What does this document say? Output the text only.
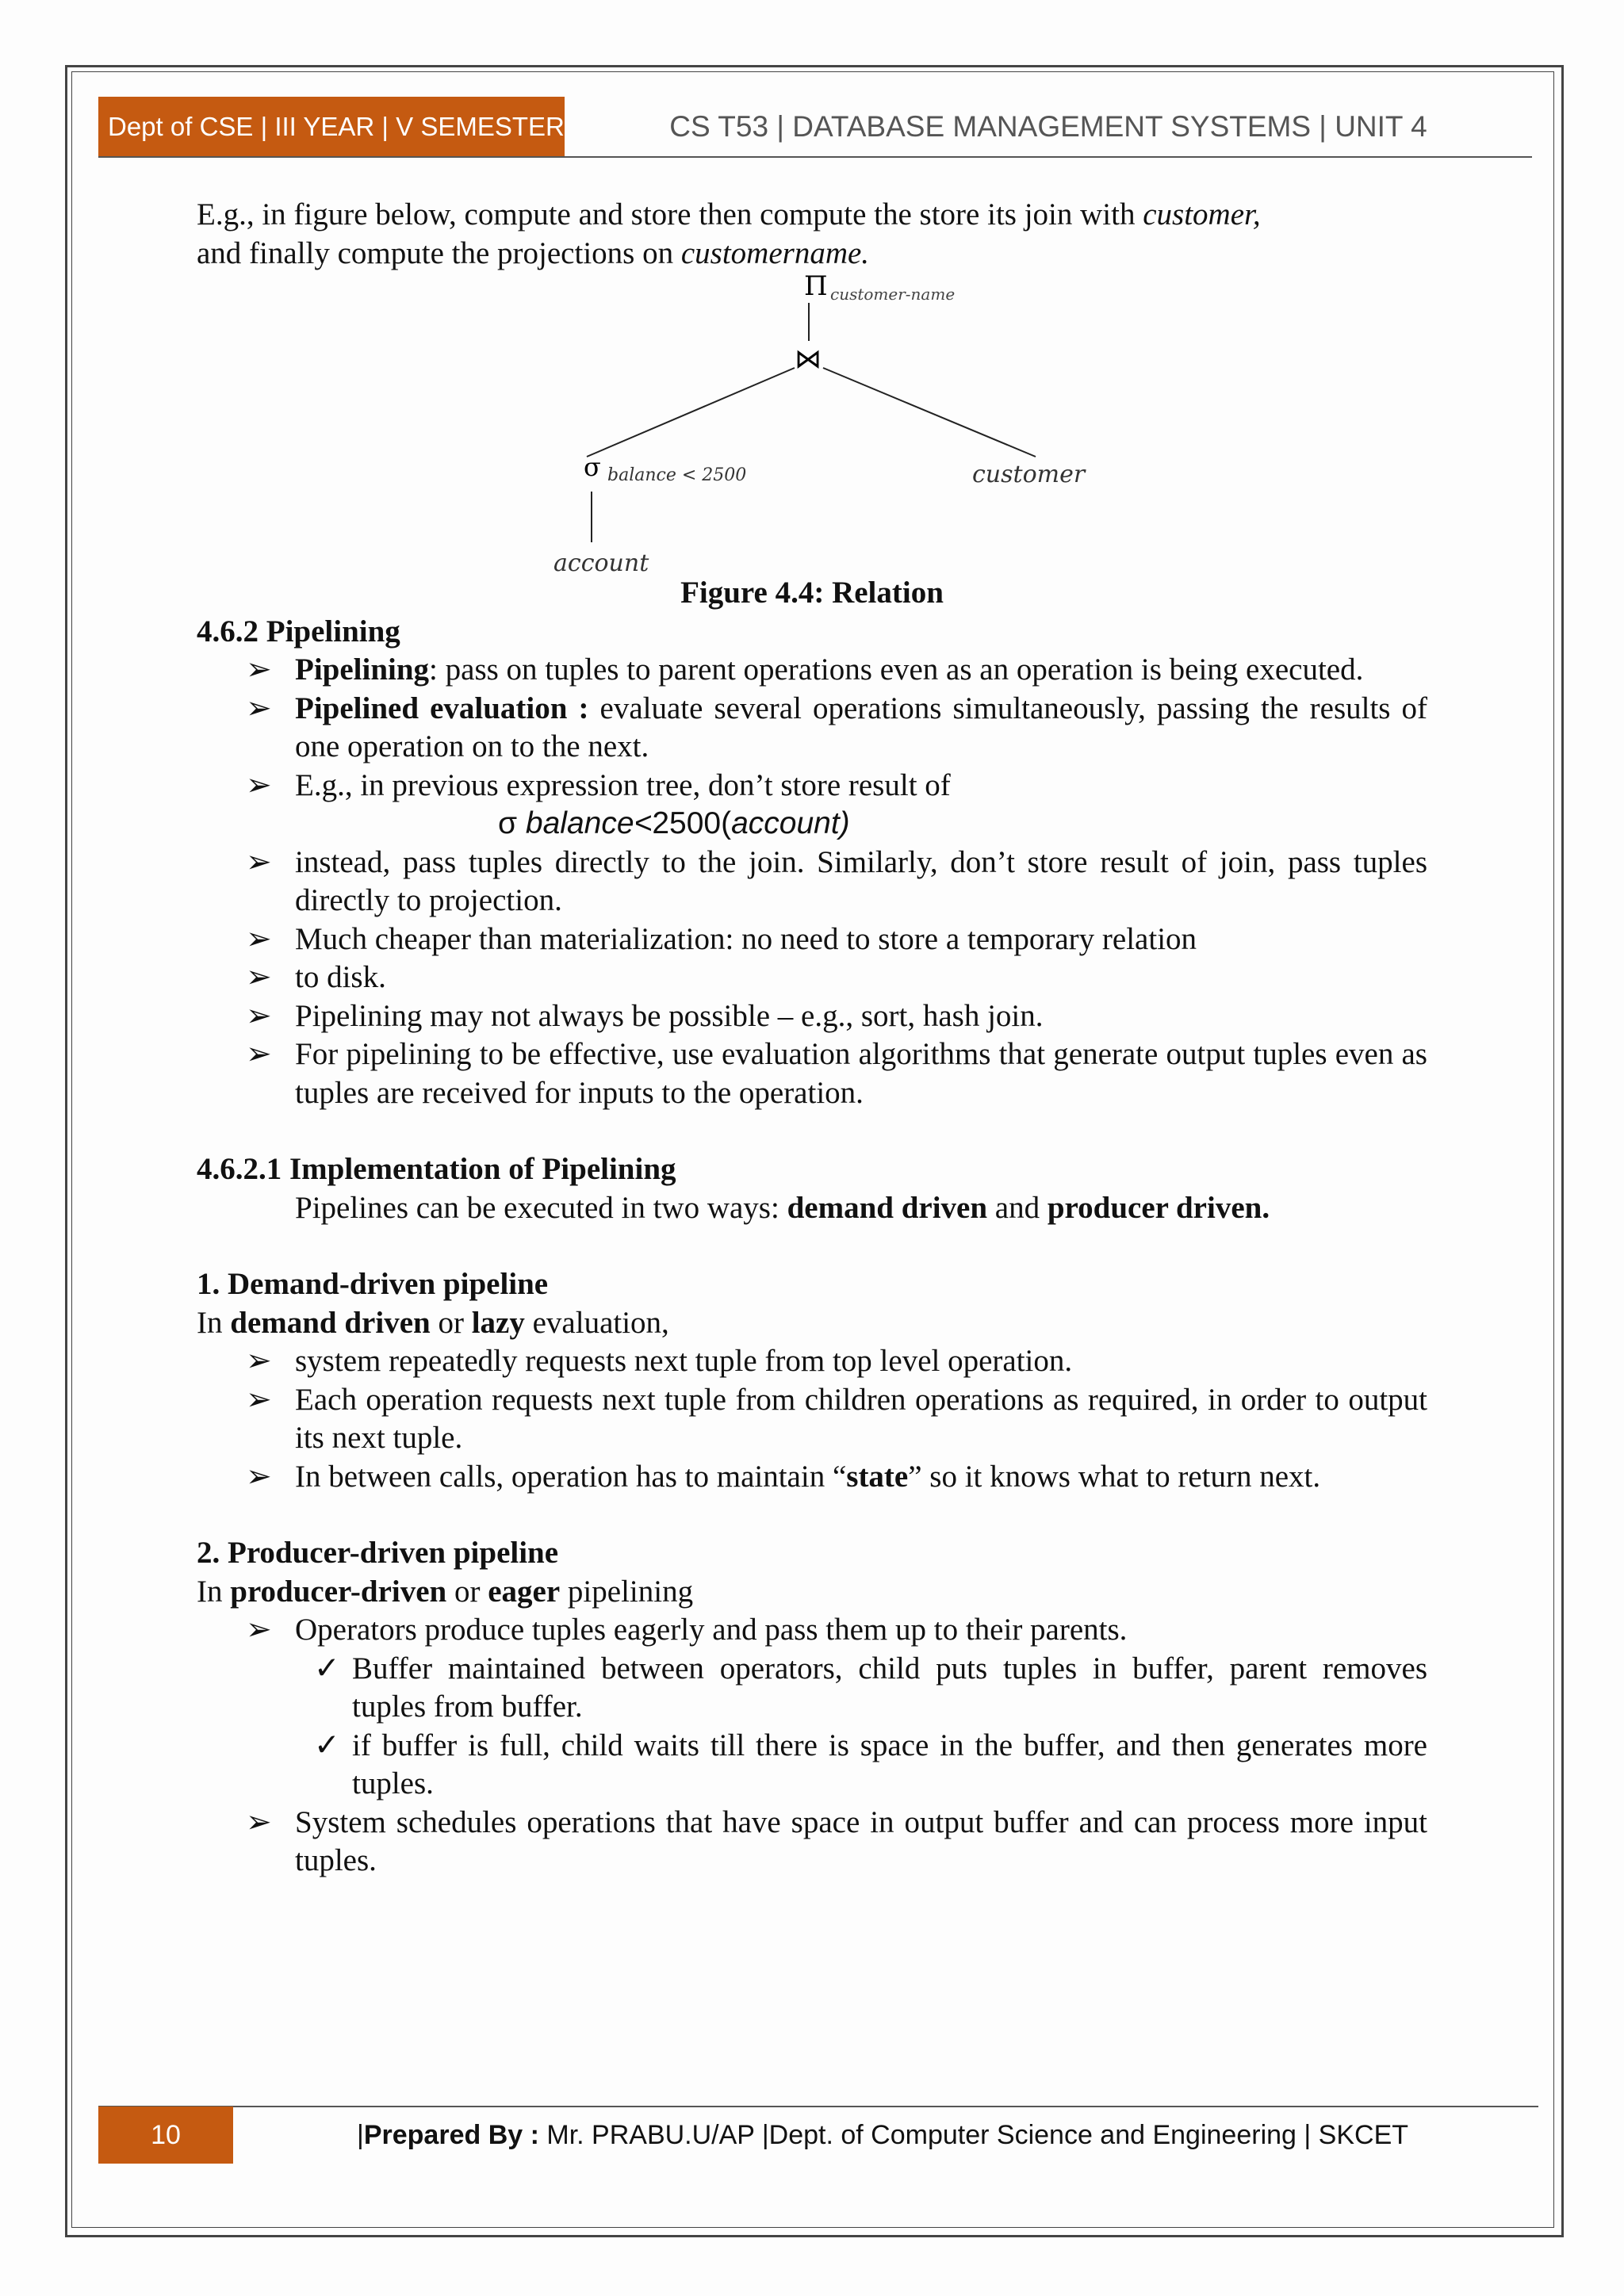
Dept of CSE | III YEAR | V SEMESTER	CS T53 | DATABASE MANAGEMENT SYSTEMS | UNIT 4

E.g., in figure below, compute and store then compute the store its join with customer,
and finally compute the projections on customername.

Π customer-name
⋈
σ balance < 2500	customer
account

Figure 4.4: Relation

4.6.2 Pipelining

➢ Pipelining: pass on tuples to parent operations even as an operation is being executed.
➢ Pipelined evaluation : evaluate several operations simultaneously, passing the results of one operation on to the next.
➢ E.g., in previous expression tree, don’t store result of
σ balance<2500(account)
➢ instead, pass tuples directly to the join. Similarly, don’t store result of join, pass tuples directly to projection.
➢ Much cheaper than materialization: no need to store a temporary relation
➢ to disk.
➢ Pipelining may not always be possible – e.g., sort, hash join.
➢ For pipelining to be effective, use evaluation algorithms that generate output tuples even as tuples are received for inputs to the operation.

4.6.2.1 Implementation of Pipelining

Pipelines can be executed in two ways: demand driven and producer driven.

1. Demand-driven pipeline

In demand driven or lazy evaluation,

➢ system repeatedly requests next tuple from top level operation.
➢ Each operation requests next tuple from children operations as required, in order to output its next tuple.
➢ In between calls, operation has to maintain “state” so it knows what to return next.

2. Producer-driven pipeline

In producer-driven or eager pipelining

➢ Operators produce tuples eagerly and pass them up to their parents.
✓ Buffer maintained between operators, child puts tuples in buffer, parent removes tuples from buffer.
✓ if buffer is full, child waits till there is space in the buffer, and then generates more tuples.
➢ System schedules operations that have space in output buffer and can process more input tuples.
10	|Prepared By : Mr. PRABU.U/AP |Dept. of Computer Science and Engineering | SKCET
